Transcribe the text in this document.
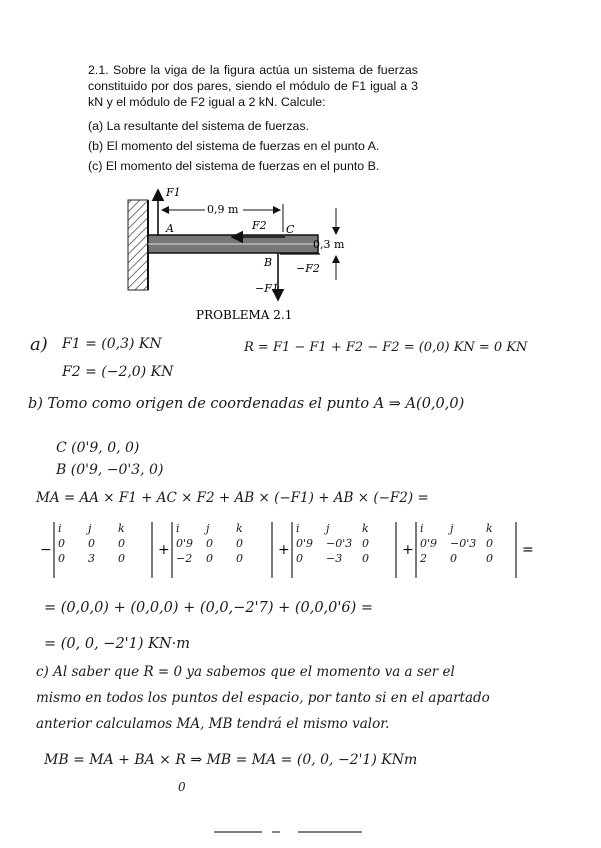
2.1. Sobre la viga de la figura actúa un sistema de fuerzas constituido por dos pares, siendo el módulo de F1 igual a 3 kN y el módulo de F2 igual a 2 kN. Calcule:
(a) La resultante del sistema de fuerzas.
(b) El momento del sistema de fuerzas en el punto A.
(c) El momento del sistema de fuerzas en el punto B.
F1
A
0,9 m
F2 C
0,3 m
B
−F1
−F2
PROBLEMA 2.1
a) F1 = (0,3) KN
F2 = (−2,0) KN
R = F1 − F1 + F2 − F2 = (0,0) KN = 0 KN
b) Tomo como origen de coordenadas el punto A ⇒ A(0,0,0)
C (0'9, 0, 0)
B (0'9, −0'3, 0)
MA = AA × F1 + AC × F2 + AB × (−F1) + AB × (−F2) =
−	+	+	+	=
i	j	k
0	0	0
0	3	0
i	j	k
0'9	0	0
−2	0	0
i	j	k
0'9	−0'3 0
0	−3	0
i	j	k
0'9	−0'3 0
2	0	0
= (0,0,0) + (0,0,0) + (0,0,−2'7) + (0,0,0'6) =
= (0, 0, −2'1) KN·m
c) Al saber que R = 0 ya sabemos que el momento va a ser el
mismo en todos los puntos del espacio, por tanto si en el apartado
anterior calculamos MA, MB tendrá el mismo valor.
MB = MA + BA × R ⇒ MB = MA = (0, 0, −2'1) KNm
0
